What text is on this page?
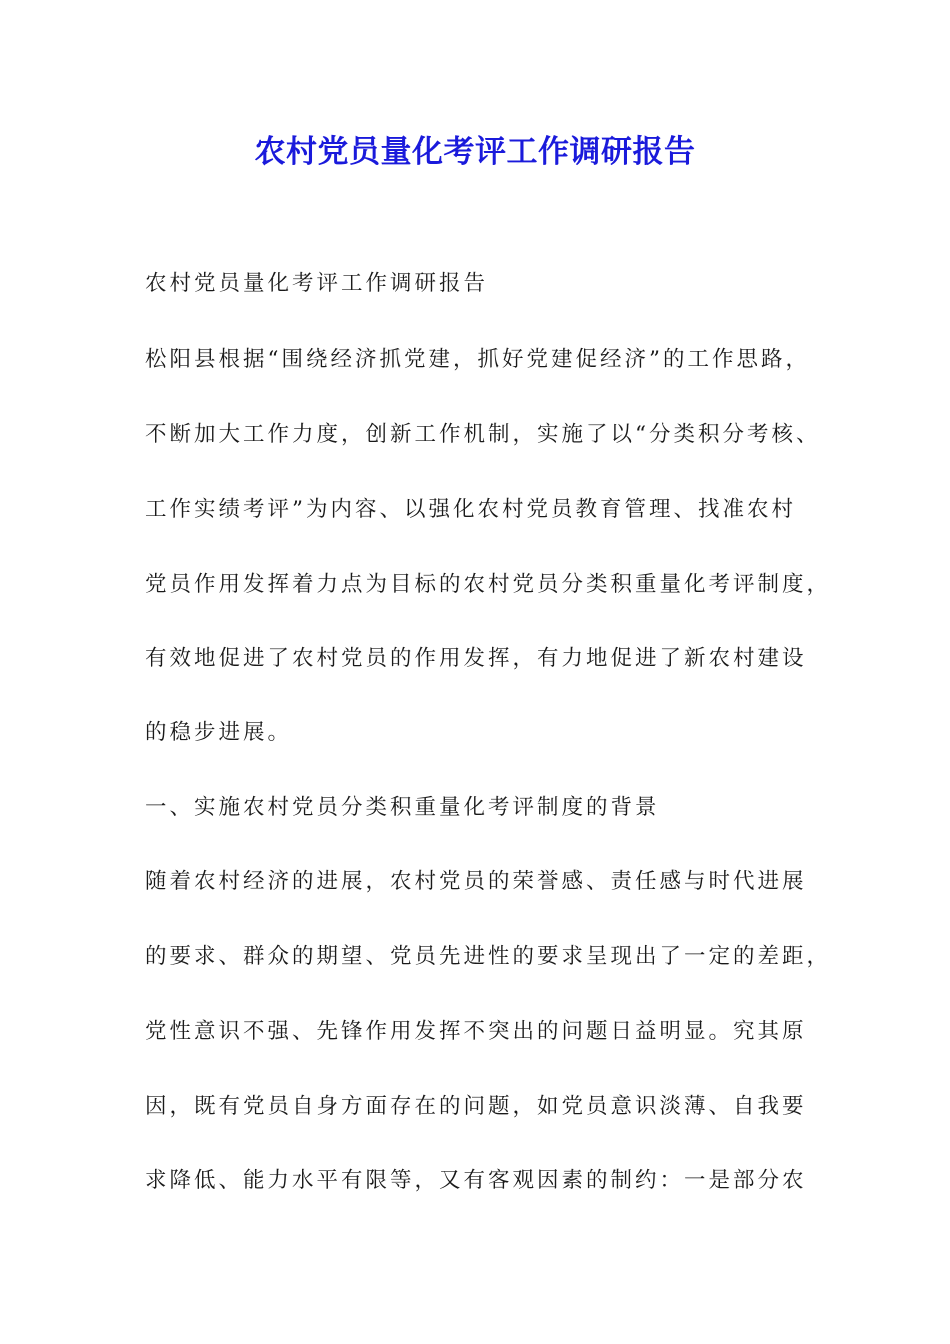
农村党员量化考评工作调研报告
农村党员量化考评工作调研报告
松阳县根据“围绕经济抓党建，抓好党建促经济”的工作思路，
不断加大工作力度，创新工作机制，实施了以“分类积分考核、
工作实绩考评”为内容、以强化农村党员教育管理、找准农村
党员作用发挥着力点为目标的农村党员分类积重量化考评制度，
有效地促进了农村党员的作用发挥，有力地促进了新农村建设
的稳步进展。
一、实施农村党员分类积重量化考评制度的背景
随着农村经济的进展，农村党员的荣誉感、责任感与时代进展
的要求、群众的期望、党员先进性的要求呈现出了一定的差距，
党性意识不强、先锋作用发挥不突出的问题日益明显。究其原
因，既有党员自身方面存在的问题，如党员意识淡薄、自我要
求降低、能力水平有限等，又有客观因素的制约：一是部分农
